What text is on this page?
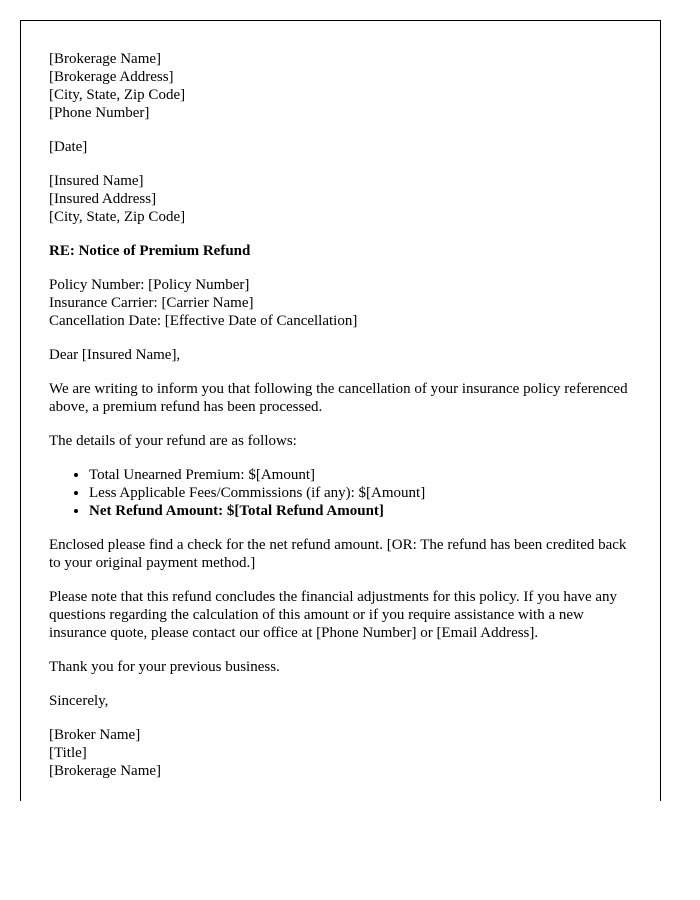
[Brokerage Name]
[Brokerage Address]
[City, State, Zip Code]
[Phone Number]
[Date]
[Insured Name]
[Insured Address]
[City, State, Zip Code]

RE: Notice of Premium Refund

Policy Number: [Policy Number]
Insurance Carrier: [Carrier Name]
Cancellation Date: [Effective Date of Cancellation]

Dear [Insured Name],

We are writing to inform you that following the cancellation of your insurance policy referenced above, a premium refund has been processed.

The details of your refund are as follows:

• Total Unearned Premium: $[Amount]
• Less Applicable Fees/Commissions (if any): $[Amount]
• Net Refund Amount: $[Total Refund Amount]

Enclosed please find a check for the net refund amount. [OR: The refund has been credited back to your original payment method.]

Please note that this refund concludes the financial adjustments for this policy. If you have any questions regarding the calculation of this amount or if you require assistance with a new insurance quote, please contact our office at [Phone Number] or [Email Address].

Thank you for your previous business.

Sincerely,

[Broker Name]
[Title]
[Brokerage Name]
